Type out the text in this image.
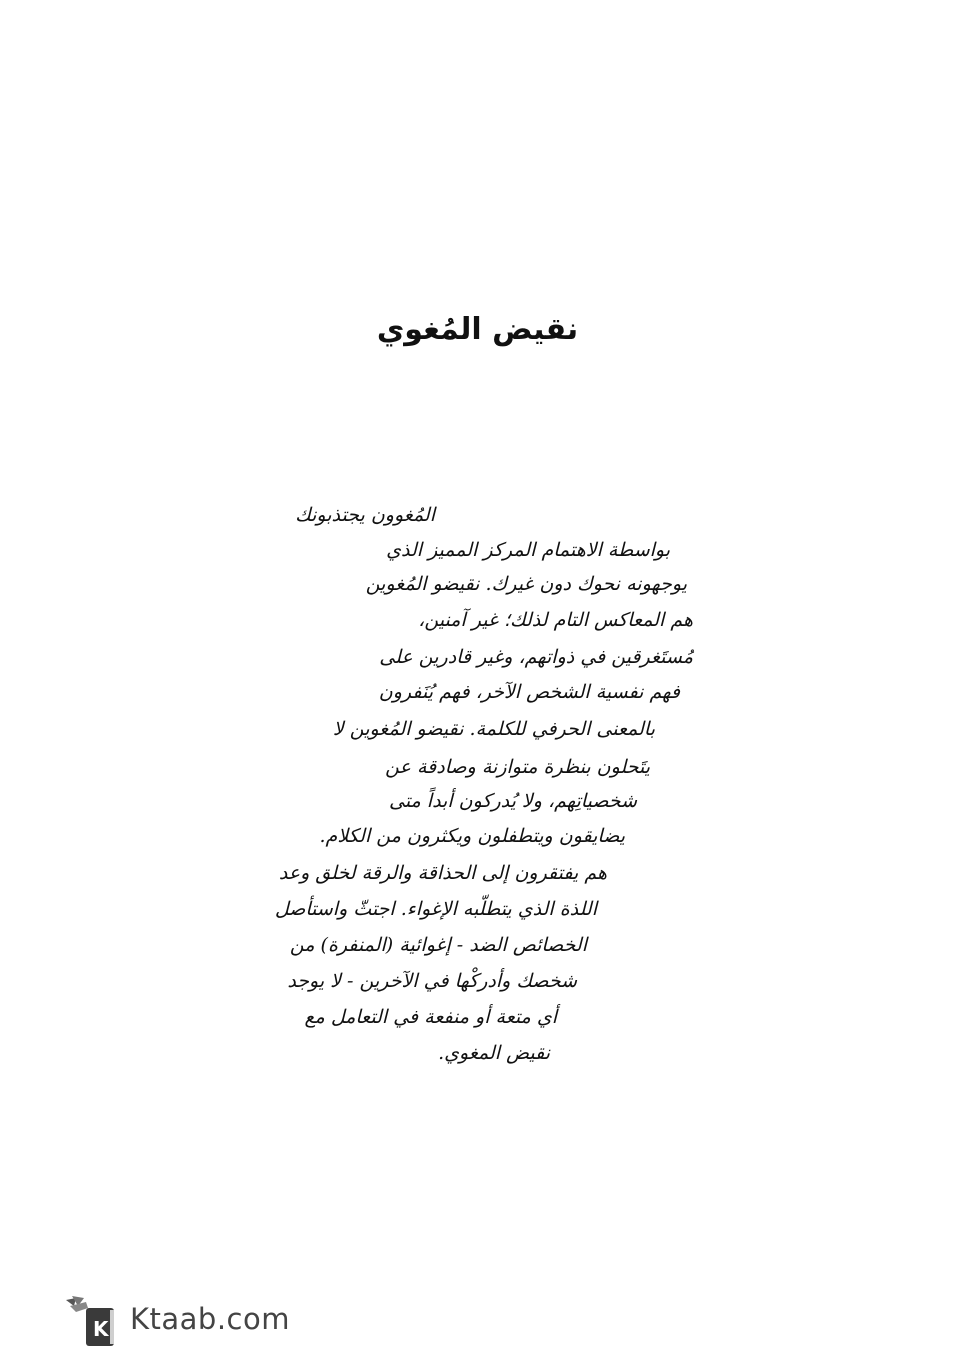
نقيض المُغوي
المُغوون يجتذبونك
بواسطة الاهتمام المركز المميز الذي
يوجهونه نحوك دون غيرك. نقيضو المُغوين
هم المعاكس التام لذلك؛ غير آمنين،
مُستَغرقين في ذواتهم، وغير قادرين على
فهم نفسية الشخص الآخر، فهم يُنَفرون
بالمعنى الحرفي للكلمة. نقيضو المُغوين لا
يتَحلون بنظرة متوازنة وصادقة عن
شخصياتِهم، ولا يُدركون أبداً متى
يضايقون ويتطفلون ويكثرون من الكلام.
هم يفتقرون إلى الحذاقة والرقة لخلق وعد
اللذة الذي يتطلّبه الإغواء. اجتثّ واستأصل
الخصائص الضد - إغوائية (المنفرة) من
شخصك وأدركْها في الآخرين - لا يوجد
أي متعة أو منفعة في التعامل مع
نقيض المغوي.
K Ktaab.com
